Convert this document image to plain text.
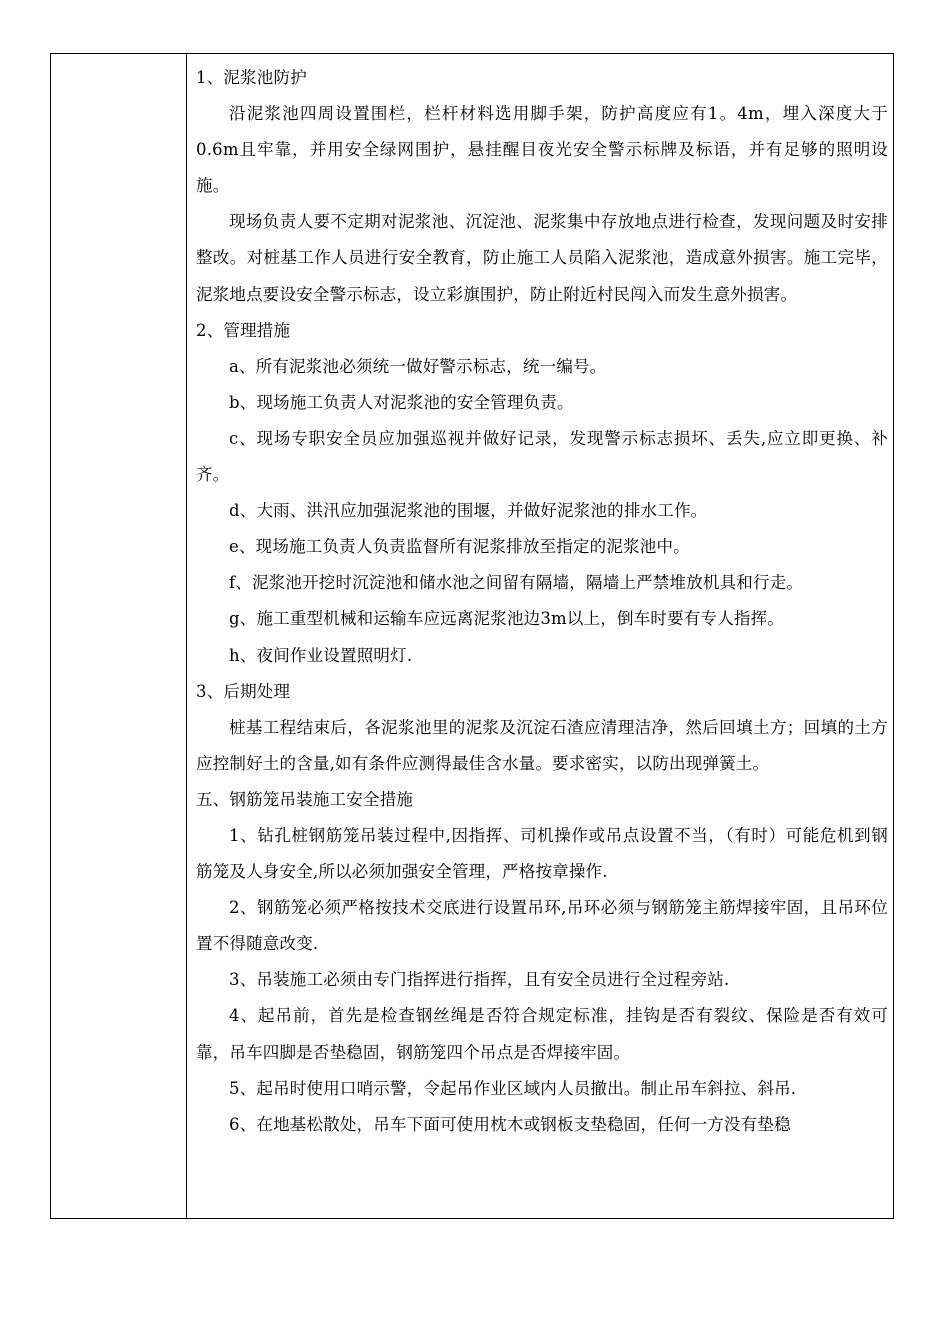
1、泥浆池防护

沿泥浆池四周设置围栏，栏杆材料选用脚手架，防护高度应有1。4m，埋入深度大于0.6m且牢靠，并用安全绿网围护，悬挂醒目夜光安全警示标牌及标语，并有足够的照明设施。

现场负责人要不定期对泥浆池、沉淀池、泥浆集中存放地点进行检查，发现问题及时安排整改。对桩基工作人员进行安全教育，防止施工人员陷入泥浆池，造成意外损害。施工完毕，泥浆地点要设安全警示标志，设立彩旗围护，防止附近村民闯入而发生意外损害。

2、管理措施

a、所有泥浆池必须统一做好警示标志，统一编号。

b、现场施工负责人对泥浆池的安全管理负责。

c、现场专职安全员应加强巡视并做好记录，发现警示标志损坏、丢失,应立即更换、补齐。

d、大雨、洪汛应加强泥浆池的围堰，并做好泥浆池的排水工作。

e、现场施工负责人负责监督所有泥浆排放至指定的泥浆池中。

f、泥浆池开挖时沉淀池和储水池之间留有隔墙，隔墙上严禁堆放机具和行走。

g、施工重型机械和运输车应远离泥浆池边3m以上，倒车时要有专人指挥。

h、夜间作业设置照明灯.

3、后期处理

桩基工程结束后，各泥浆池里的泥浆及沉淀石渣应清理洁净，然后回填土方；回填的土方应控制好土的含量,如有条件应测得最佳含水量。要求密实，以防出现弹簧土。

五、钢筋笼吊装施工安全措施

1、钻孔桩钢筋笼吊装过程中,因指挥、司机操作或吊点设置不当，（有时）可能危机到钢筋笼及人身安全,所以必须加强安全管理，严格按章操作.

2、钢筋笼必须严格按技术交底进行设置吊环,吊环必须与钢筋笼主筋焊接牢固，且吊环位置不得随意改变.

3、吊装施工必须由专门指挥进行指挥，且有安全员进行全过程旁站.

4、起吊前，首先是检查钢丝绳是否符合规定标准，挂钩是否有裂纹、保险是否有效可靠，吊车四脚是否垫稳固，钢筋笼四个吊点是否焊接牢固。

5、起吊时使用口哨示警，令起吊作业区域内人员撤出。制止吊车斜拉、斜吊.

6、在地基松散处，吊车下面可使用枕木或钢板支垫稳固，任何一方没有垫稳
